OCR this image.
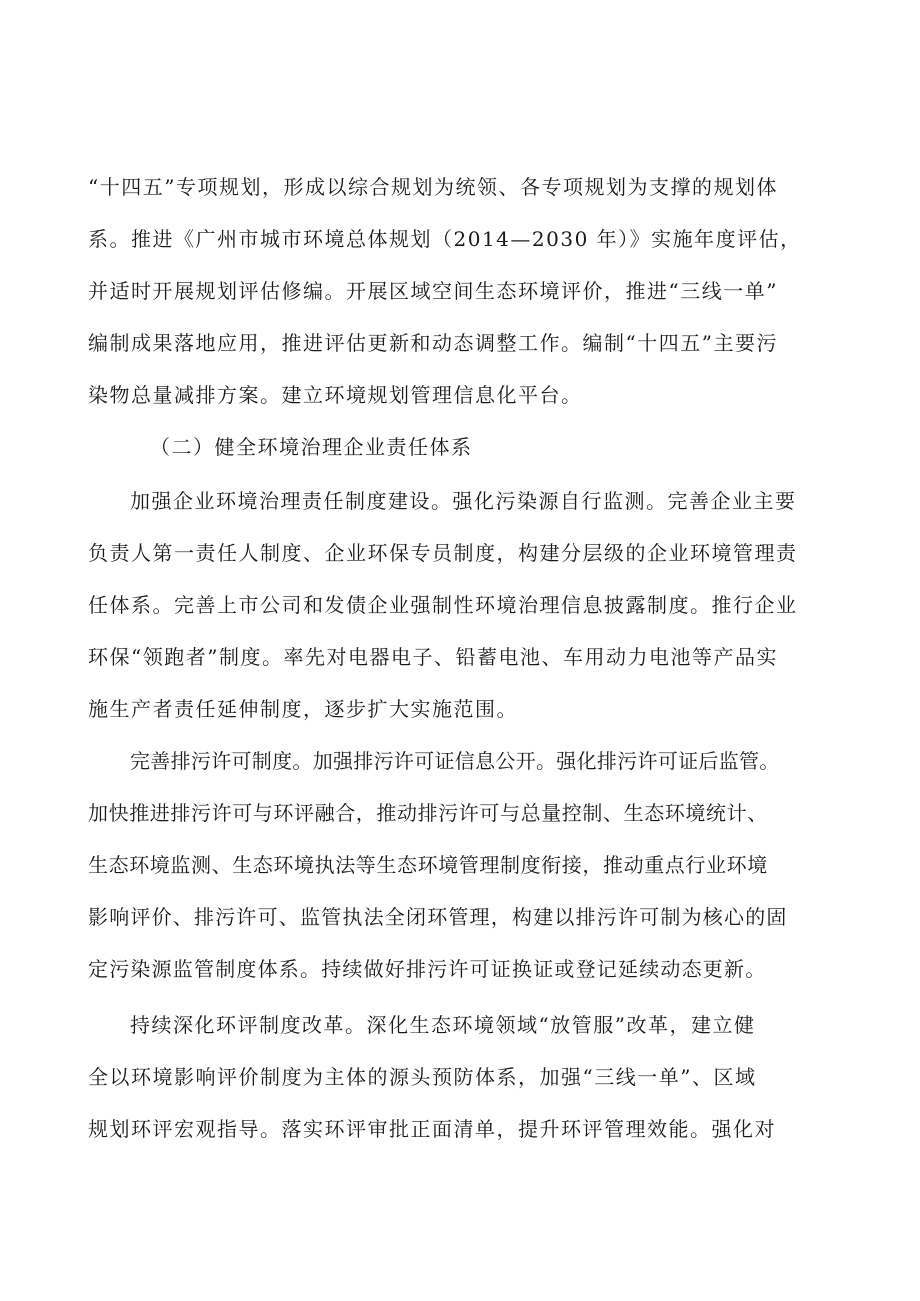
“十四五”专项规划，形成以综合规划为统领、各专项规划为支撑的规划体
系。推进《广州市城市环境总体规划（2014—2030 年）》实施年度评估，
并适时开展规划评估修编。开展区域空间生态环境评价，推进“三线一单”
编制成果落地应用，推进评估更新和动态调整工作。编制“十四五”主要污
染物总量减排方案。建立环境规划管理信息化平台。
（二）健全环境治理企业责任体系
加强企业环境治理责任制度建设。强化污染源自行监测。完善企业主要
负责人第一责任人制度、企业环保专员制度，构建分层级的企业环境管理责
任体系。完善上市公司和发债企业强制性环境治理信息披露制度。推行企业
环保“领跑者”制度。率先对电器电子、铅蓄电池、车用动力电池等产品实
施生产者责任延伸制度，逐步扩大实施范围。
完善排污许可制度。加强排污许可证信息公开。强化排污许可证后监管。
加快推进排污许可与环评融合，推动排污许可与总量控制、生态环境统计、
生态环境监测、生态环境执法等生态环境管理制度衔接，推动重点行业环境
影响评价、排污许可、监管执法全闭环管理，构建以排污许可制为核心的固
定污染源监管制度体系。持续做好排污许可证换证或登记延续动态更新。
持续深化环评制度改革。深化生态环境领域“放管服”改革，建立健
全以环境影响评价制度为主体的源头预防体系，加强“三线一单”、区域
规划环评宏观指导。落实环评审批正面清单，提升环评管理效能。强化对
